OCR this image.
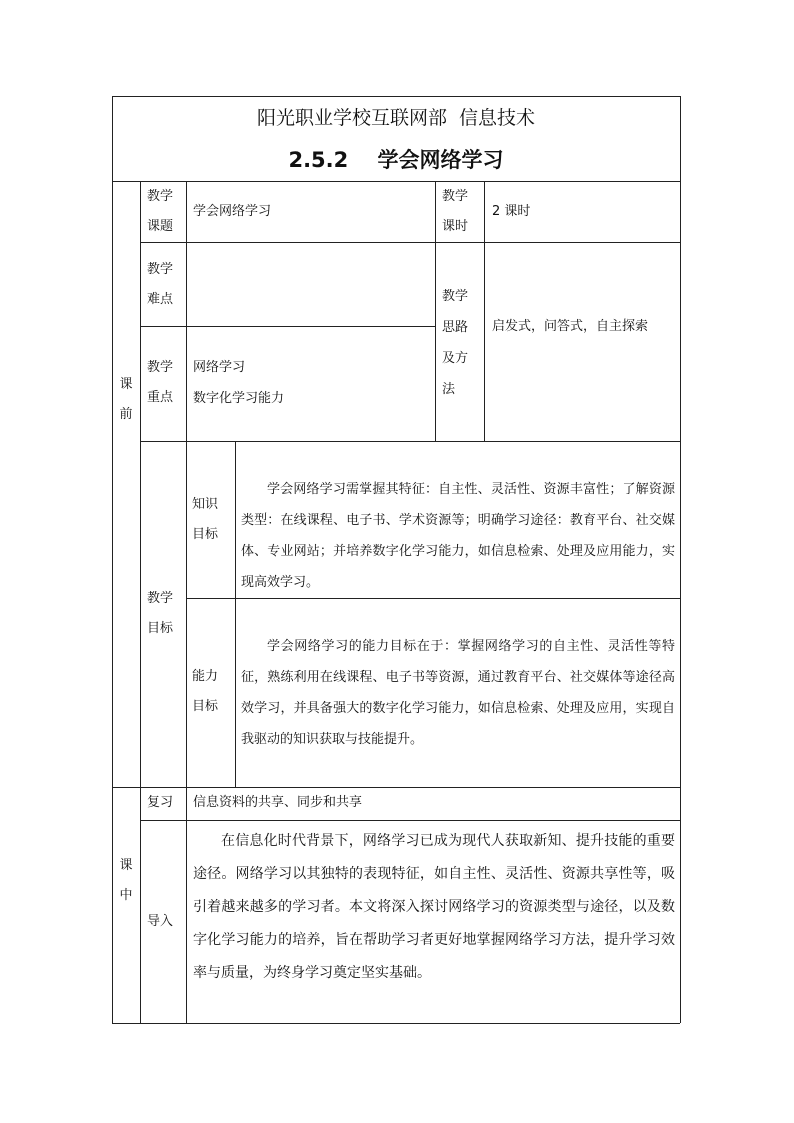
阳光职业学校互联网部  信息技术
2.5.2    学会网络学习
课前
教学课题
学会网络学习
教学课时
2 课时
教学难点	教学思路及方法
启发式，问答式，自主探索
教学重点
网络学习
数字化学习能力
教学目标
知识目标
学会网络学习需掌握其特征：自主性、灵活性、资源丰富性；了解资源类型：在线课程、电子书、学术资源等；明确学习途径：教育平台、社交媒体、专业网站；并培养数字化学习能力，如信息检索、处理及应用能力，实现高效学习。
能力目标
学会网络学习的能力目标在于：掌握网络学习的自主性、灵活性等特征，熟练利用在线课程、电子书等资源，通过教育平台、社交媒体等途径高效学习，并具备强大的数字化学习能力，如信息检索、处理及应用，实现自我驱动的知识获取与技能提升。
课中
复习 信息资料的共享、同步和共享
导入
在信息化时代背景下，网络学习已成为现代人获取新知、提升技能的重要途径。网络学习以其独特的表现特征，如自主性、灵活性、资源共享性等，吸引着越来越多的学习者。本文将深入探讨网络学习的资源类型与途径，以及数字化学习能力的培养，旨在帮助学习者更好地掌握网络学习方法，提升学习效率与质量，为终身学习奠定坚实基础。
